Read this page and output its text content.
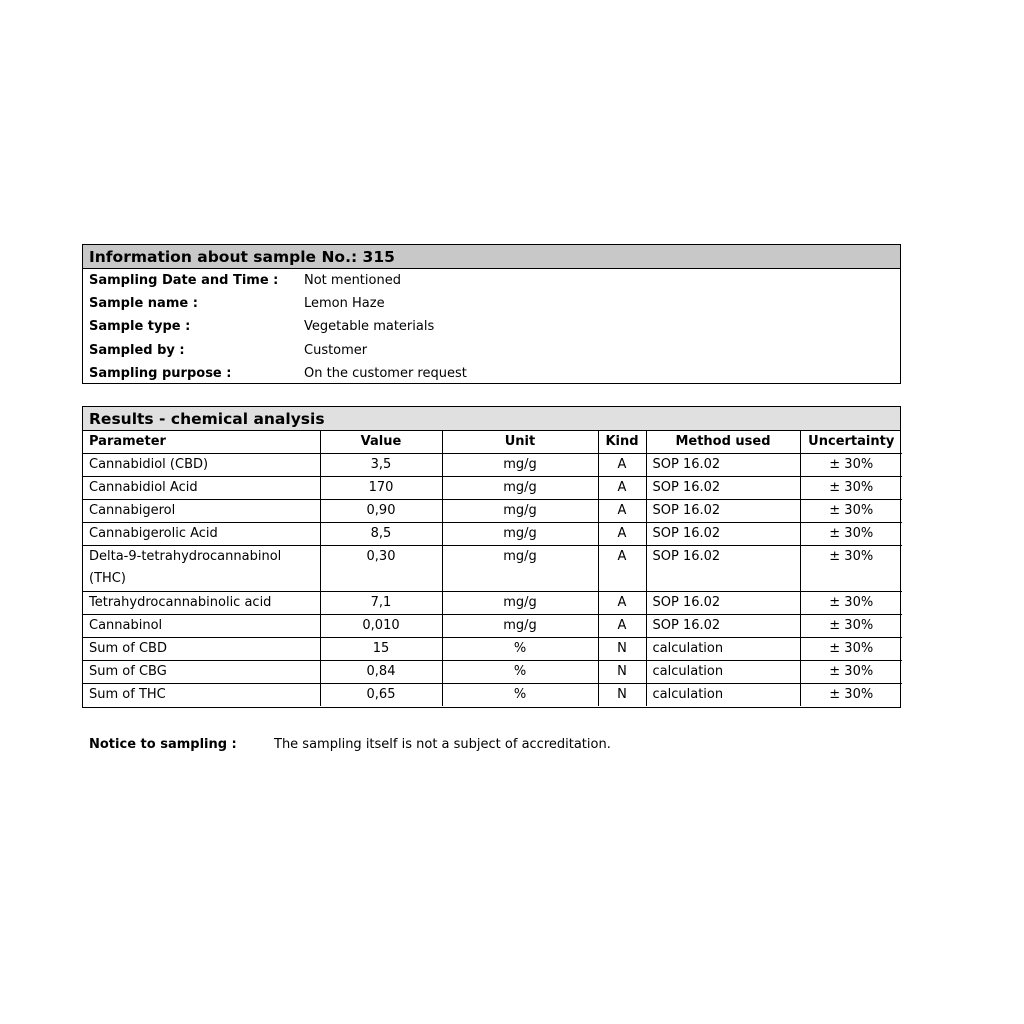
Information about sample No.: 315
Sampling Date and Time : Not mentioned
Sample name :	Lemon Haze
Sample type :	Vegetable materials
Sampled by :	Customer
Sampling purpose :	On the customer request
Results - chemical analysis
Parameter	Value	Unit	Kind	Method used	Uncertainty
Cannabidiol (CBD)	3,5	mg/g	A	SOP 16.02	± 30%
Cannabidiol Acid	170	mg/g	A	SOP 16.02	± 30%
Cannabigerol	0,90	mg/g	A	SOP 16.02	± 30%
Cannabigerolic Acid	8,5	mg/g	A	SOP 16.02	± 30%
Delta-9-tetrahydrocannabinol (THC)	0,30	mg/g	A	SOP 16.02	± 30%
Tetrahydrocannabinolic acid	7,1	mg/g	A	SOP 16.02	± 30%
Cannabinol	0,010	mg/g	A	SOP 16.02	± 30%
Sum of CBD	15	%	N	calculation	± 30%
Sum of CBG	0,84	%	N	calculation	± 30%
Sum of THC	0,65	%	N	calculation	± 30%
Notice to sampling :	The sampling itself is not a subject of accreditation.
